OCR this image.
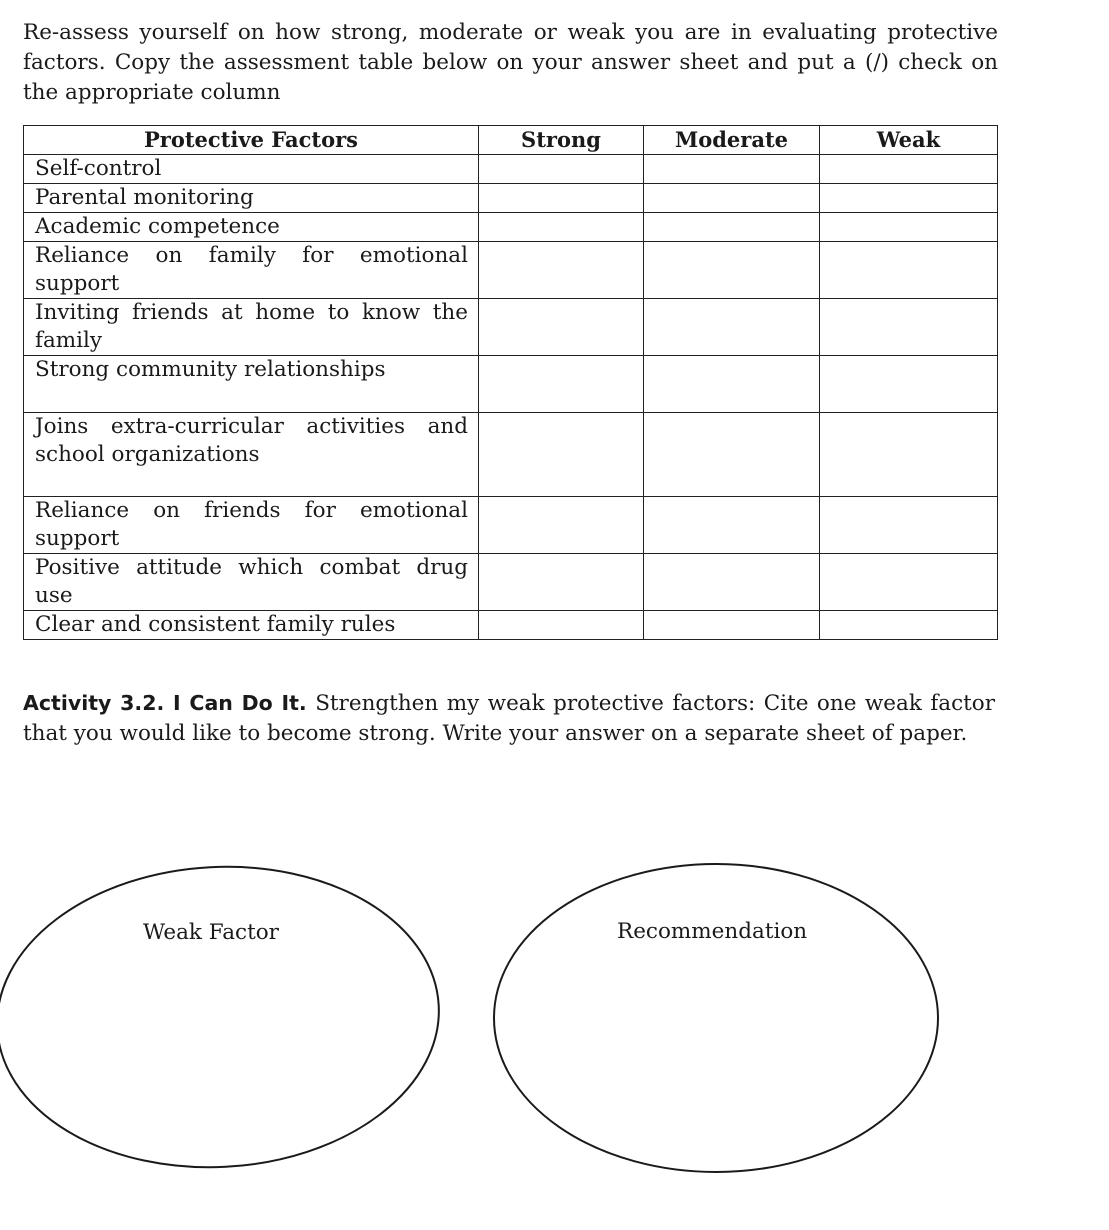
Re-assess yourself on how strong, moderate or weak you are in evaluating protective factors. Copy the assessment table below on your answer sheet and put a (/) check on the appropriate column

Protective Factors	Strong	Moderate	Weak
Self-control			
Parental monitoring			
Academic competence			
Reliance on family for emotional support			
Inviting friends at home to know the family			
Strong community relationships			
Joins extra-curricular activities and school organizations			
Reliance on friends for emotional support			
Positive attitude which combat drug use			
Clear and consistent family rules			

Activity 3.2. I Can Do It. Strengthen my weak protective factors: Cite one weak factor that you would like to become strong. Write your answer on a separate sheet of paper.

Weak Factor	Recommendation
